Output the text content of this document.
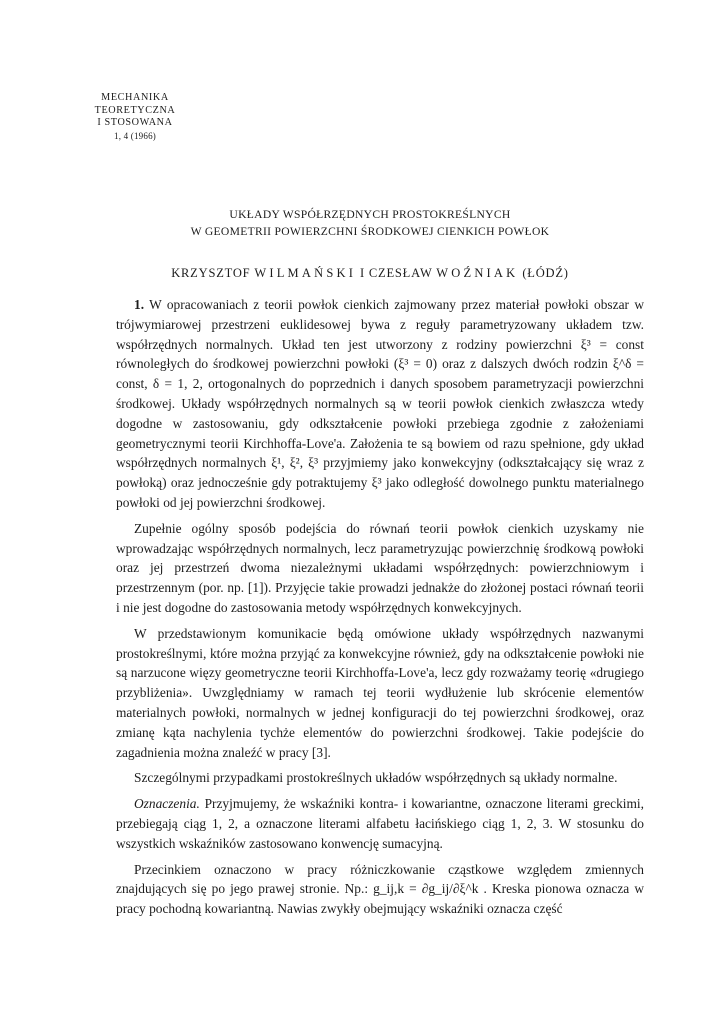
MECHANIKA
TEORETYCZNA
I STOSOWANA
1, 4 (1966)
UKŁADY WSPÓŁRZĘDNYCH PROSTOKREŚLNYCH
W GEOMETRII POWIERZCHNI ŚRODKOWEJ CIENKICH POWŁOK
KRZYSZTOF WILMAŃSKI I CZESŁAW WOŹNIAK (ŁÓDŹ)

1. W opracowaniach z teorii powłok cienkich zajmowany przez materiał powłoki obszar w trójwymiarowej przestrzeni euklidesowej bywa z reguły parametryzowany układem tzw. współrzędnych normalnych. Układ ten jest utworzony z rodziny powierzchni ξ³ = const równoległych do środkowej powierzchni powłoki (ξ³ = 0) oraz z dalszych dwóch rodzin ξ^δ = const, δ = 1, 2, ortogonalnych do poprzednich i danych sposobem parametryzacji powierzchni środkowej. Układy współrzędnych normalnych są w teorii powłok cienkich zwłaszcza wtedy dogodne w zastosowaniu, gdy odkształcenie powłoki przebiega zgodnie z założeniami geometrycznymi teorii Kirchhoffa-Love'a. Założenia te są bowiem od razu spełnione, gdy układ współrzędnych normalnych ξ¹, ξ², ξ³ przyjmiemy jako konwekcyjny (odkształcający się wraz z powłoką) oraz jednocześnie gdy potraktujemy ξ³ jako odległość dowolnego punktu materialnego powłoki od jej powierzchni środkowej.

Zupełnie ogólny sposób podejścia do równań teorii powłok cienkich uzyskamy nie wprowadzając współrzędnych normalnych, lecz parametryzując powierzchnię środkową powłoki oraz jej przestrzeń dwoma niezależnymi układami współrzędnych: powierzchniowym i przestrzennym (por. np. [1]). Przyjęcie takie prowadzi jednakże do złożonej postaci równań teorii i nie jest dogodne do zastosowania metody współrzędnych konwekcyjnych.

W przedstawionym komunikacie będą omówione układy współrzędnych nazwanymi prostokreślnymi, które można przyjąć za konwekcyjne również, gdy na odkształcenie powłoki nie są narzucone więzy geometryczne teorii Kirchhoffa-Love'a, lecz gdy rozważamy teorię «drugiego przybliżenia». Uwzględniamy w ramach tej teorii wydłużenie lub skrócenie elementów materialnych powłoki, normalnych w jednej konfiguracji do tej powierzchni środkowej, oraz zmianę kąta nachylenia tychże elementów do powierzchni środkowej. Takie podejście do zagadnienia można znaleźć w pracy [3].

Szczególnymi przypadkami prostokreślnych układów współrzędnych są układy normalne.

Oznaczenia. Przyjmujemy, że wskaźniki kontra- i kowariantne, oznaczone literami greckimi, przebiegają ciąg 1, 2, a oznaczone literami alfabetu łacińskiego ciąg 1, 2, 3. W stosunku do wszystkich wskaźników zastosowano konwencję sumacyjną.

Przecinkiem oznaczono w pracy różniczkowanie cząstkowe względem zmiennych znajdujących się po jego prawej stronie. Np.: g_ij,k = ∂g_ij/∂ξ^k . Kreska pionowa oznacza w pracy pochodną kowariantną. Nawias zwykły obejmujący wskaźniki oznacza część
